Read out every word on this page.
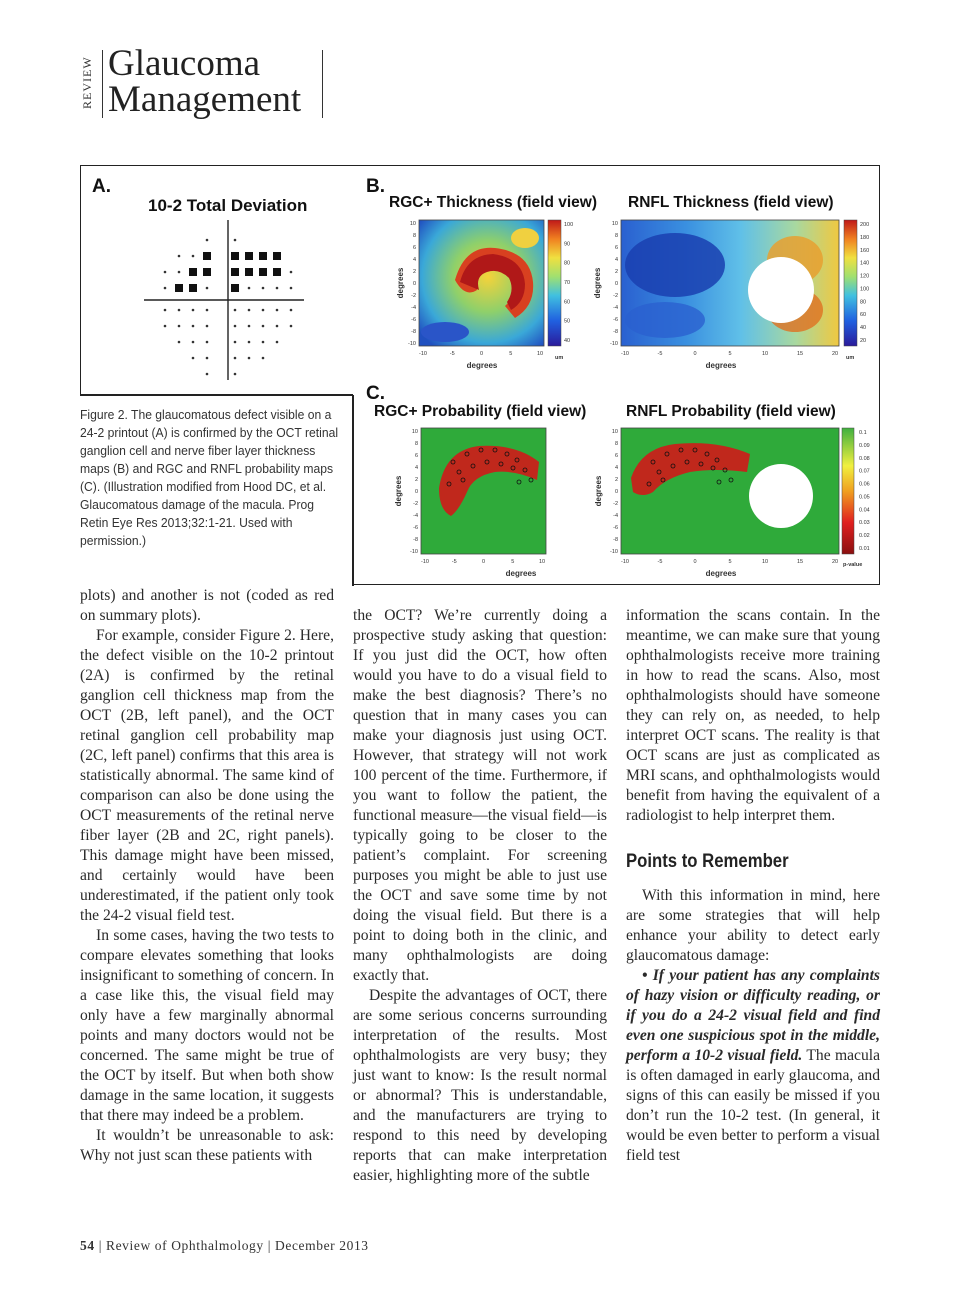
REVIEW Glaucoma
Management
Figure 2. The glaucomatous defect visible on a 24-2 printout (A) is confirmed by the OCT retinal ganglion cell and nerve fiber layer thickness maps (B) and RGC and RNFL probability maps (C). (Illustration modified from Hood DC, et al. Glaucomatous damage of the macula. Prog Retin Eye Res 2013;32:1-21. Used with permission.)
A.
10-2 Total Deviation
B.
RGC+ Thickness (field view) RNFL Thickness (field view)
C.
RGC+ Probability (field view)	RNFL Probability (field view)
10
8
6
4
2
0
-2
-4
-6
-8
-10
-10	-5	0	5	10
degrees
degrees
100
90
80
70
60
50
40
um
10
8
6
4
2
0
-2
-4
-6
-8
-10
-10	-5	0	5	10	15	20
degrees
degrees
200
180
160
140
120
100
80
60
40
20
um
10
8
6
4
2
0
-2
-4
-6
-8
-10
-10	-5	0	5	10
degrees
degrees
10
8
6
4
2
0
-2
-4
-6
-8
-10
-10	-5	0	5	10	15	20
degrees
degrees
0.1
0.09
0.08
0.07
0.06
0.05
0.04
0.03
0.02
0.01
p-value

plots) and another is not (coded as red on summary plots).

For example, consider Figure 2. Here, the defect visible on the 10-2 printout (2A) is confirmed by the retinal ganglion cell thickness map from the OCT (2B, left panel), and the OCT retinal ganglion cell probability map (2C, left panel) confirms that this area is statistically abnormal. The same kind of comparison can also be done using the OCT measurements of the retinal nerve fiber layer (2B and 2C, right panels). This damage might have been missed, and certainly would have been underestimated, if the patient only took the 24-2 visual field test.

In some cases, having the two tests to compare elevates something that looks insignificant to something of concern. In a case like this, the visual field may only have a few marginally abnormal points and many doctors would not be concerned. The same might be true of the OCT by itself. But when both show damage in the same location, it suggests that there may indeed be a problem.

It wouldn’t be unreasonable to ask: Why not just scan these patients with

the OCT? We’re currently doing a prospective study asking that question: If you just did the OCT, how often would you have to do a visual field to make the best diagnosis? There’s no question that in many cases you can make your diagnosis just using OCT. However, that strategy will not work 100 percent of the time. Furthermore, if you want to follow the patient, the functional measure—the visual field—is typically going to be closer to the patient’s complaint. For screening purposes you might be able to just use the OCT and save some time by not doing the visual field. But there is a point to doing both in the clinic, and many ophthalmologists are doing exactly that.

Despite the advantages of OCT, there are some serious concerns surrounding interpretation of the results. Most ophthalmologists are very busy; they just want to know: Is the result normal or abnormal? This is understandable, and the manufacturers are trying to respond to this need by developing reports that can make interpretation easier, highlighting more of the subtle

information the scans contain. In the meantime, we can make sure that young ophthalmologists receive more training in how to read the scans. Also, most ophthalmologists should have someone they can rely on, as needed, to help interpret OCT scans. The reality is that OCT scans are just as complicated as MRI scans, and ophthalmologists would benefit from having the equivalent of a radiologist to help interpret them.

Points to Remember

With this information in mind, here are some strategies that will help enhance your ability to detect early glaucomatous damage:

• If your patient has any complaints of hazy vision or difficulty reading, or if you do a 24-2 visual field and find even one suspicious spot in the middle, perform a 10-2 visual field. The macula is often damaged in early glaucoma, and signs of this can easily be missed if you don’t run the 10-2 test. (In general, it would be even better to perform a visual field test

54 | Review of Ophthalmology | December 2013
